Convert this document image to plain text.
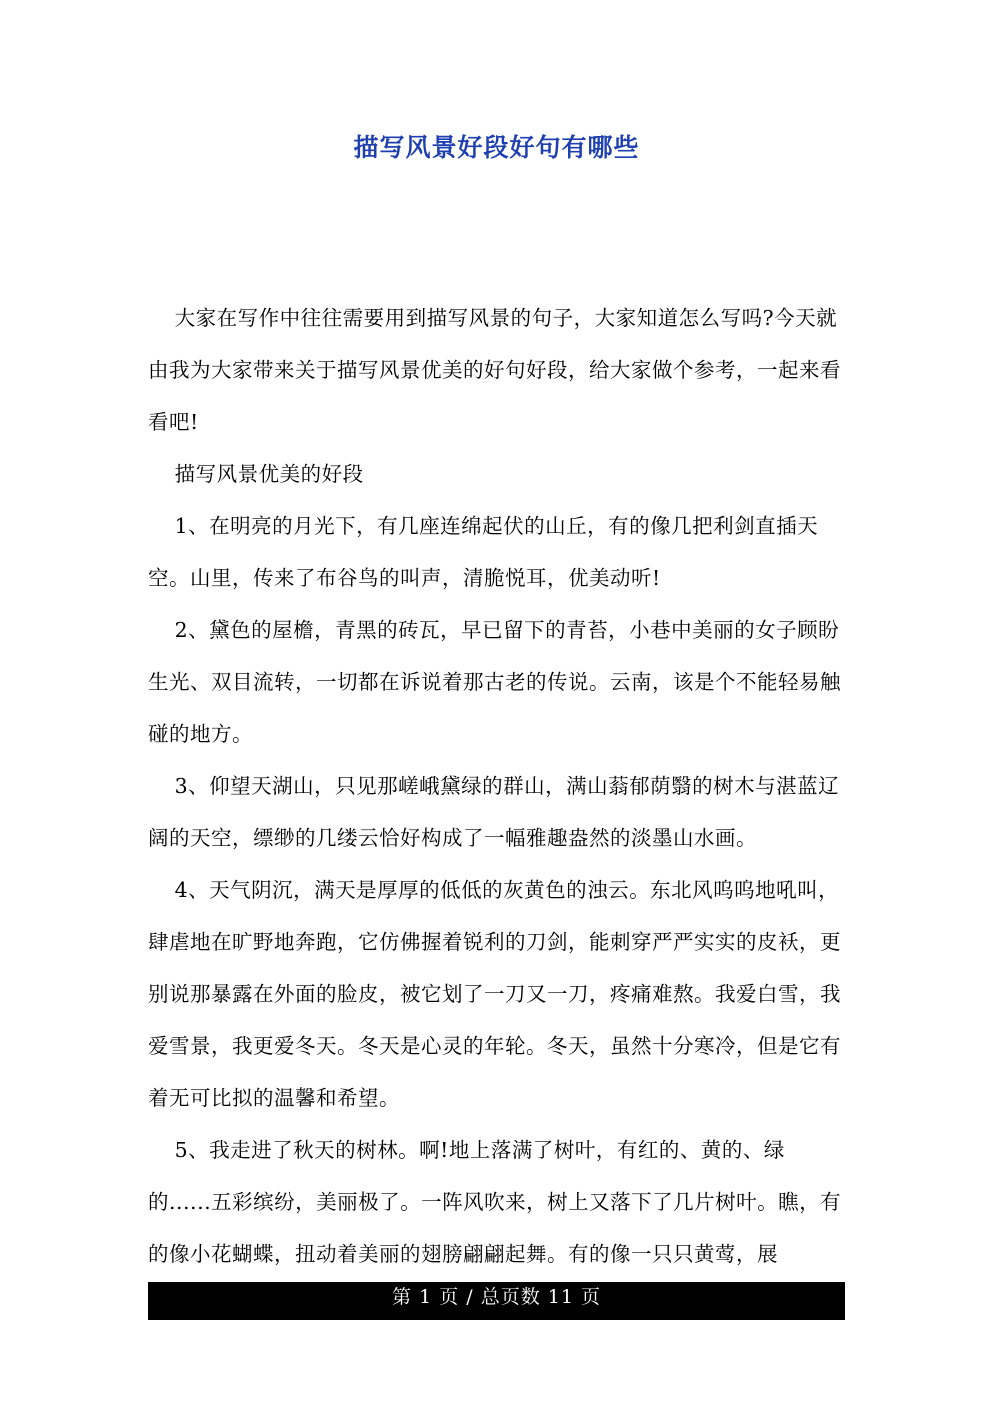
描写风景好段好句有哪些

大家在写作中往往需要用到描写风景的句子，大家知道怎么写吗?今天就由我为大家带来关于描写风景优美的好句好段，给大家做个参考，一起来看看吧!

描写风景优美的好段

1、在明亮的月光下，有几座连绵起伏的山丘，有的像几把利剑直插天空。山里，传来了布谷鸟的叫声，清脆悦耳，优美动听!

2、黛色的屋檐，青黑的砖瓦，早已留下的青苔，小巷中美丽的女子顾盼生光、双目流转，一切都在诉说着那古老的传说。云南，该是个不能轻易触碰的地方。

3、仰望天湖山，只见那嵯峨黛绿的群山，满山蓊郁荫翳的树木与湛蓝辽阔的天空，缥缈的几缕云恰好构成了一幅雅趣盎然的淡墨山水画。

4、天气阴沉，满天是厚厚的低低的灰黄色的浊云。东北风呜呜地吼叫，肆虐地在旷野地奔跑，它仿佛握着锐利的刀剑，能刺穿严严实实的皮袄，更别说那暴露在外面的脸皮，被它划了一刀又一刀，疼痛难熬。我爱白雪，我爱雪景，我更爱冬天。冬天是心灵的年轮。冬天，虽然十分寒冷，但是它有着无可比拟的温馨和希望。

5、我走进了秋天的树林。啊!地上落满了树叶，有红的、黄的、绿的......五彩缤纷，美丽极了。一阵风吹来，树上又落下了几片树叶。瞧，有的像小花蝴蝶，扭动着美丽的翅膀翩翩起舞。有的像一只只黄莺，展

第 1 页 / 总页数 11 页
